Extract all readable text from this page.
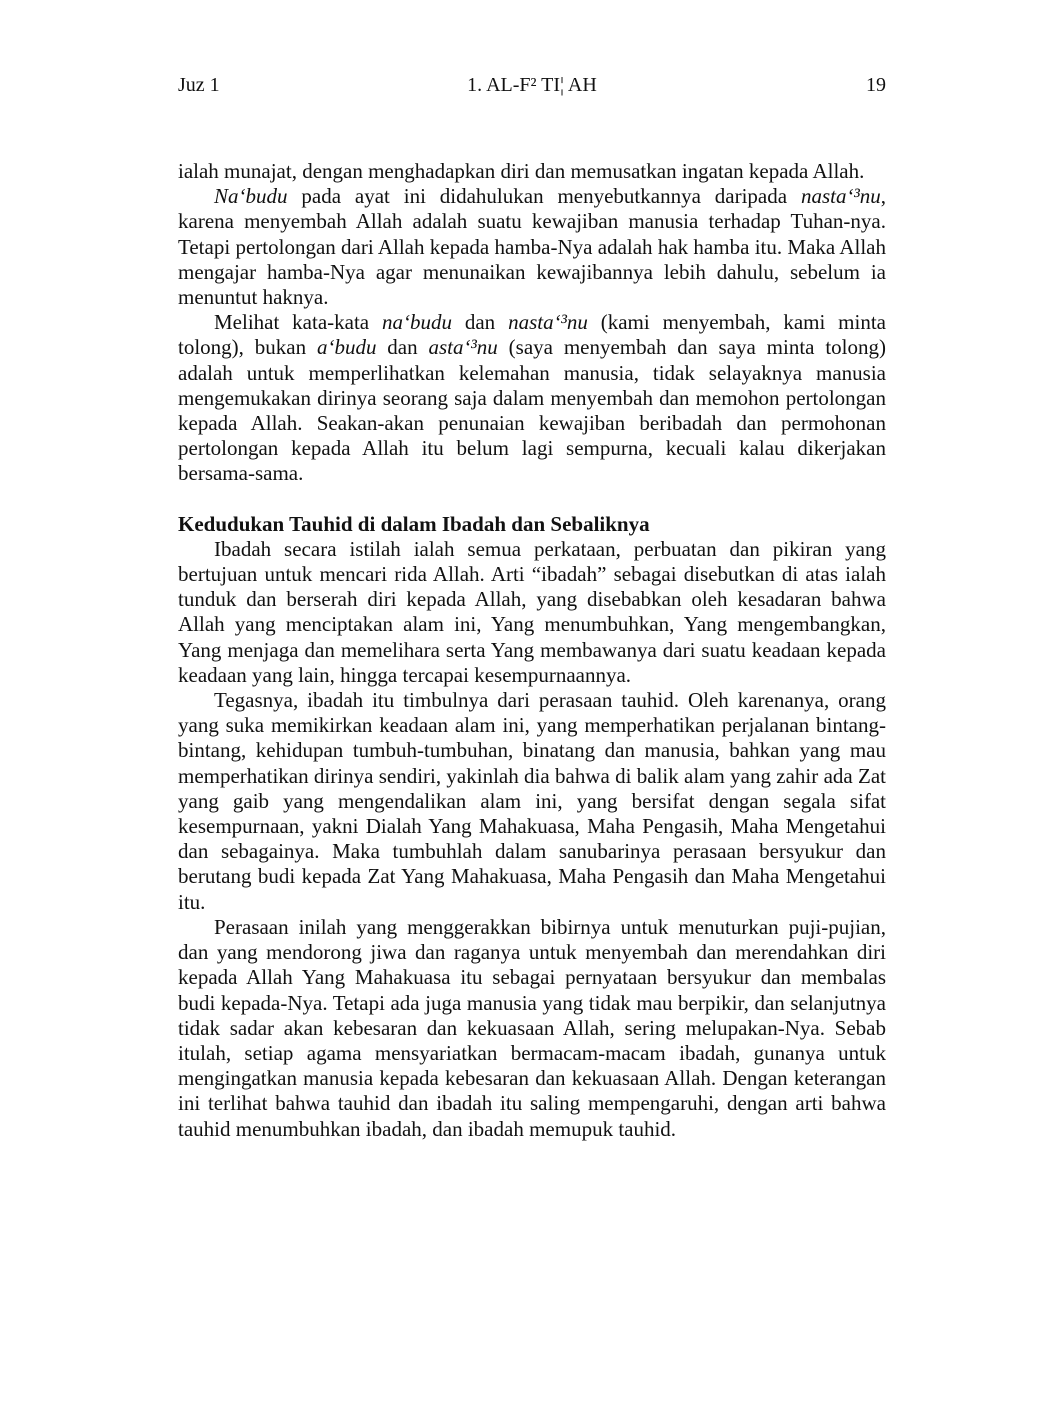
Juz 1	1. AL-F² TI¦ AH	19

ialah munajat, dengan menghadapkan diri dan memusatkan ingatan kepada Allah.

Na‘budu pada ayat ini didahulukan menyebutkannya daripada nasta‘³nu, karena menyembah Allah adalah suatu kewajiban manusia terhadap Tuhan-nya. Tetapi pertolongan dari Allah kepada hamba-Nya adalah hak hamba itu. Maka Allah mengajar hamba-Nya agar menunaikan kewajibannya lebih dahulu, sebelum ia menuntut haknya.

Melihat kata-kata na‘budu dan nasta‘³nu (kami menyembah, kami minta tolong), bukan a‘budu dan asta‘³nu (saya menyembah dan saya minta tolong) adalah untuk memperlihatkan kelemahan manusia, tidak selayaknya manusia mengemukakan dirinya seorang saja dalam menyembah dan memohon pertolongan kepada Allah. Seakan-akan penunaian kewajiban beribadah dan permohonan pertolongan kepada Allah itu belum lagi sempurna, kecuali kalau dikerjakan bersama-sama.

Kedudukan Tauhid di dalam Ibadah dan Sebaliknya

Ibadah secara istilah ialah semua perkataan, perbuatan dan pikiran yang bertujuan untuk mencari rida Allah. Arti “ibadah” sebagai disebutkan di atas ialah tunduk dan berserah diri kepada Allah, yang disebabkan oleh kesadaran bahwa Allah yang menciptakan alam ini, Yang menumbuhkan, Yang mengembangkan, Yang menjaga dan memelihara serta Yang membawanya dari suatu keadaan kepada keadaan yang lain, hingga tercapai kesempurnaannya.

Tegasnya, ibadah itu timbulnya dari perasaan tauhid. Oleh karenanya, orang yang suka memikirkan keadaan alam ini, yang memperhatikan perjalanan bintang-bintang, kehidupan tumbuh-tumbuhan, binatang dan manusia, bahkan yang mau memperhatikan dirinya sendiri, yakinlah dia bahwa di balik alam yang zahir ada Zat yang gaib yang mengendalikan alam ini, yang bersifat dengan segala sifat kesempurnaan, yakni Dialah Yang Mahakuasa, Maha Pengasih, Maha Mengetahui dan sebagainya. Maka tumbuhlah dalam sanubarinya perasaan bersyukur dan berutang budi kepada Zat Yang Mahakuasa, Maha Pengasih dan Maha Mengetahui itu.

Perasaan inilah yang menggerakkan bibirnya untuk menuturkan puji-pujian, dan yang mendorong jiwa dan raganya untuk menyembah dan merendahkan diri kepada Allah Yang Mahakuasa itu sebagai pernyataan bersyukur dan membalas budi kepada-Nya. Tetapi ada juga manusia yang tidak mau berpikir, dan selanjutnya tidak sadar akan kebesaran dan kekuasaan Allah, sering melupakan-Nya. Sebab itulah, setiap agama mensyariatkan bermacam-macam ibadah, gunanya untuk mengingatkan manusia kepada kebesaran dan kekuasaan Allah. Dengan keterangan ini terlihat bahwa tauhid dan ibadah itu saling mempengaruhi, dengan arti bahwa tauhid menumbuhkan ibadah, dan ibadah memupuk tauhid.
